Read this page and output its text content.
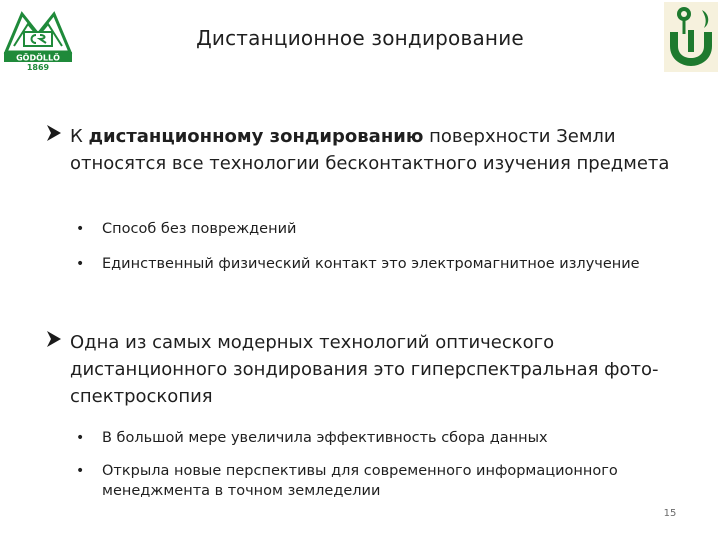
GÖDÖLLŐ
1869
Дистанционное зондирование
К дистанционному зондированию поверхности Земли относятся все технологии бесконтактного изучения предмета
• Способ без повреждений
• Единственный физический контакт это электромагнитное излучение
Одна из самых модерных технологий оптического дистанционного зондирования это гиперспектральная фото-спектроскопия
• В большой мере увеличила эффективность сбора данных
• Открыла новые перспективы для современного информационного менеджмента в точном земледелии
15
